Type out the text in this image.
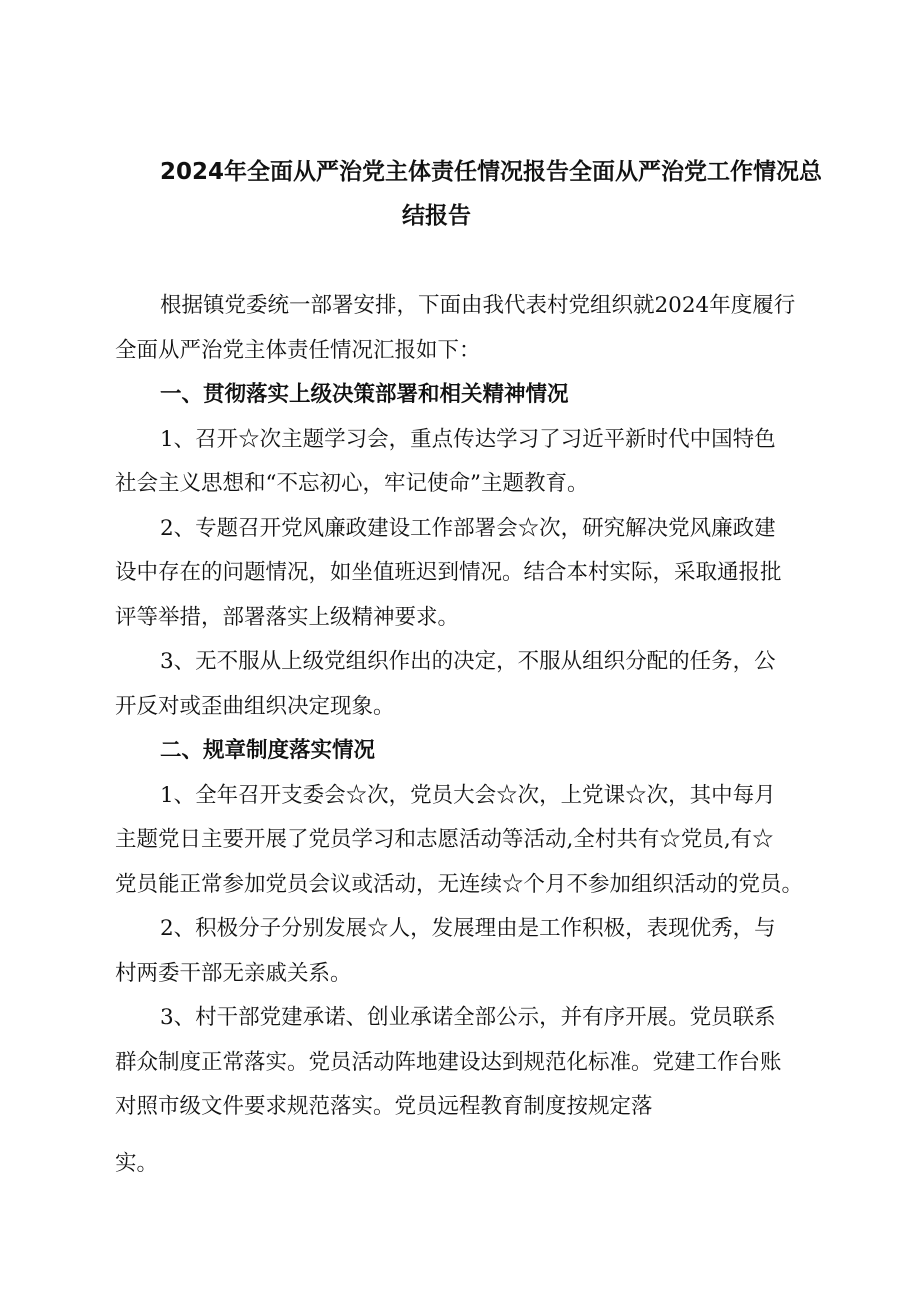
2024年全面从严治党主体责任情况报告全面从严治党工作情况总
结报告
根据镇党委统一部署安排，下面由我代表村党组织就2024年度履行
全面从严治党主体责任情况汇报如下：
一、贯彻落实上级决策部署和相关精神情况
1、召开☆次主题学习会，重点传达学习了习近平新时代中国特色
社会主义思想和“不忘初心，牢记使命”主题教育。
2、专题召开党风廉政建设工作部署会☆次，研究解决党风廉政建
设中存在的问题情况，如坐值班迟到情况。结合本村实际，采取通报批
评等举措，部署落实上级精神要求。
3、无不服从上级党组织作出的决定，不服从组织分配的任务，公
开反对或歪曲组织决定现象。
二、规章制度落实情况
1、全年召开支委会☆次，党员大会☆次，上党课☆次，其中每月
主题党日主要开展了党员学习和志愿活动等活动,全村共有☆党员,有☆
党员能正常参加党员会议或活动，无连续☆个月不参加组织活动的党员。
2、积极分子分别发展☆人，发展理由是工作积极，表现优秀，与
村两委干部无亲戚关系。
3、村干部党建承诺、创业承诺全部公示，并有序开展。党员联系
群众制度正常落实。党员活动阵地建设达到规范化标准。党建工作台账
对照市级文件要求规范落实。党员远程教育制度按规定落
实。
